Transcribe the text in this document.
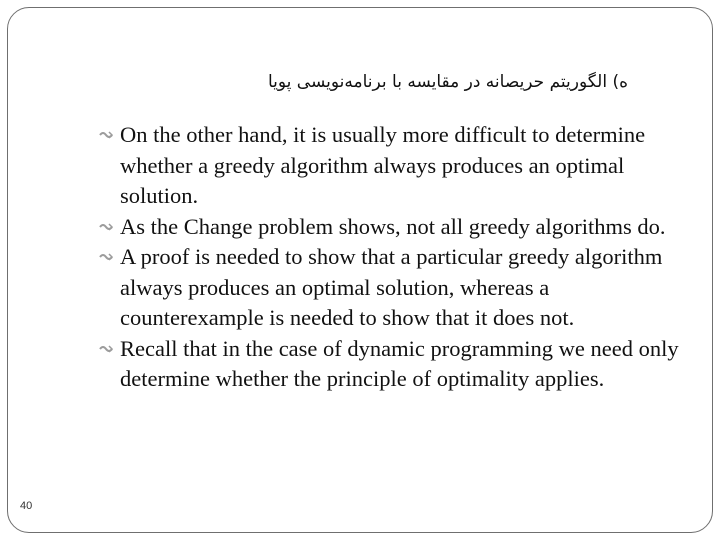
ه) الگوریتم حریصانه در مقایسه با برنامه‌نویسی پویا
On the other hand, it is usually more difficult to determine whether a greedy algorithm always produces an optimal solution.
As the Change problem shows, not all greedy algorithms do.
A proof is needed to show that a particular greedy algorithm always produces an optimal solution, whereas a counterexample is needed to show that it does not.
Recall that in the case of dynamic programming we need only determine whether the principle of optimality applies.
40
